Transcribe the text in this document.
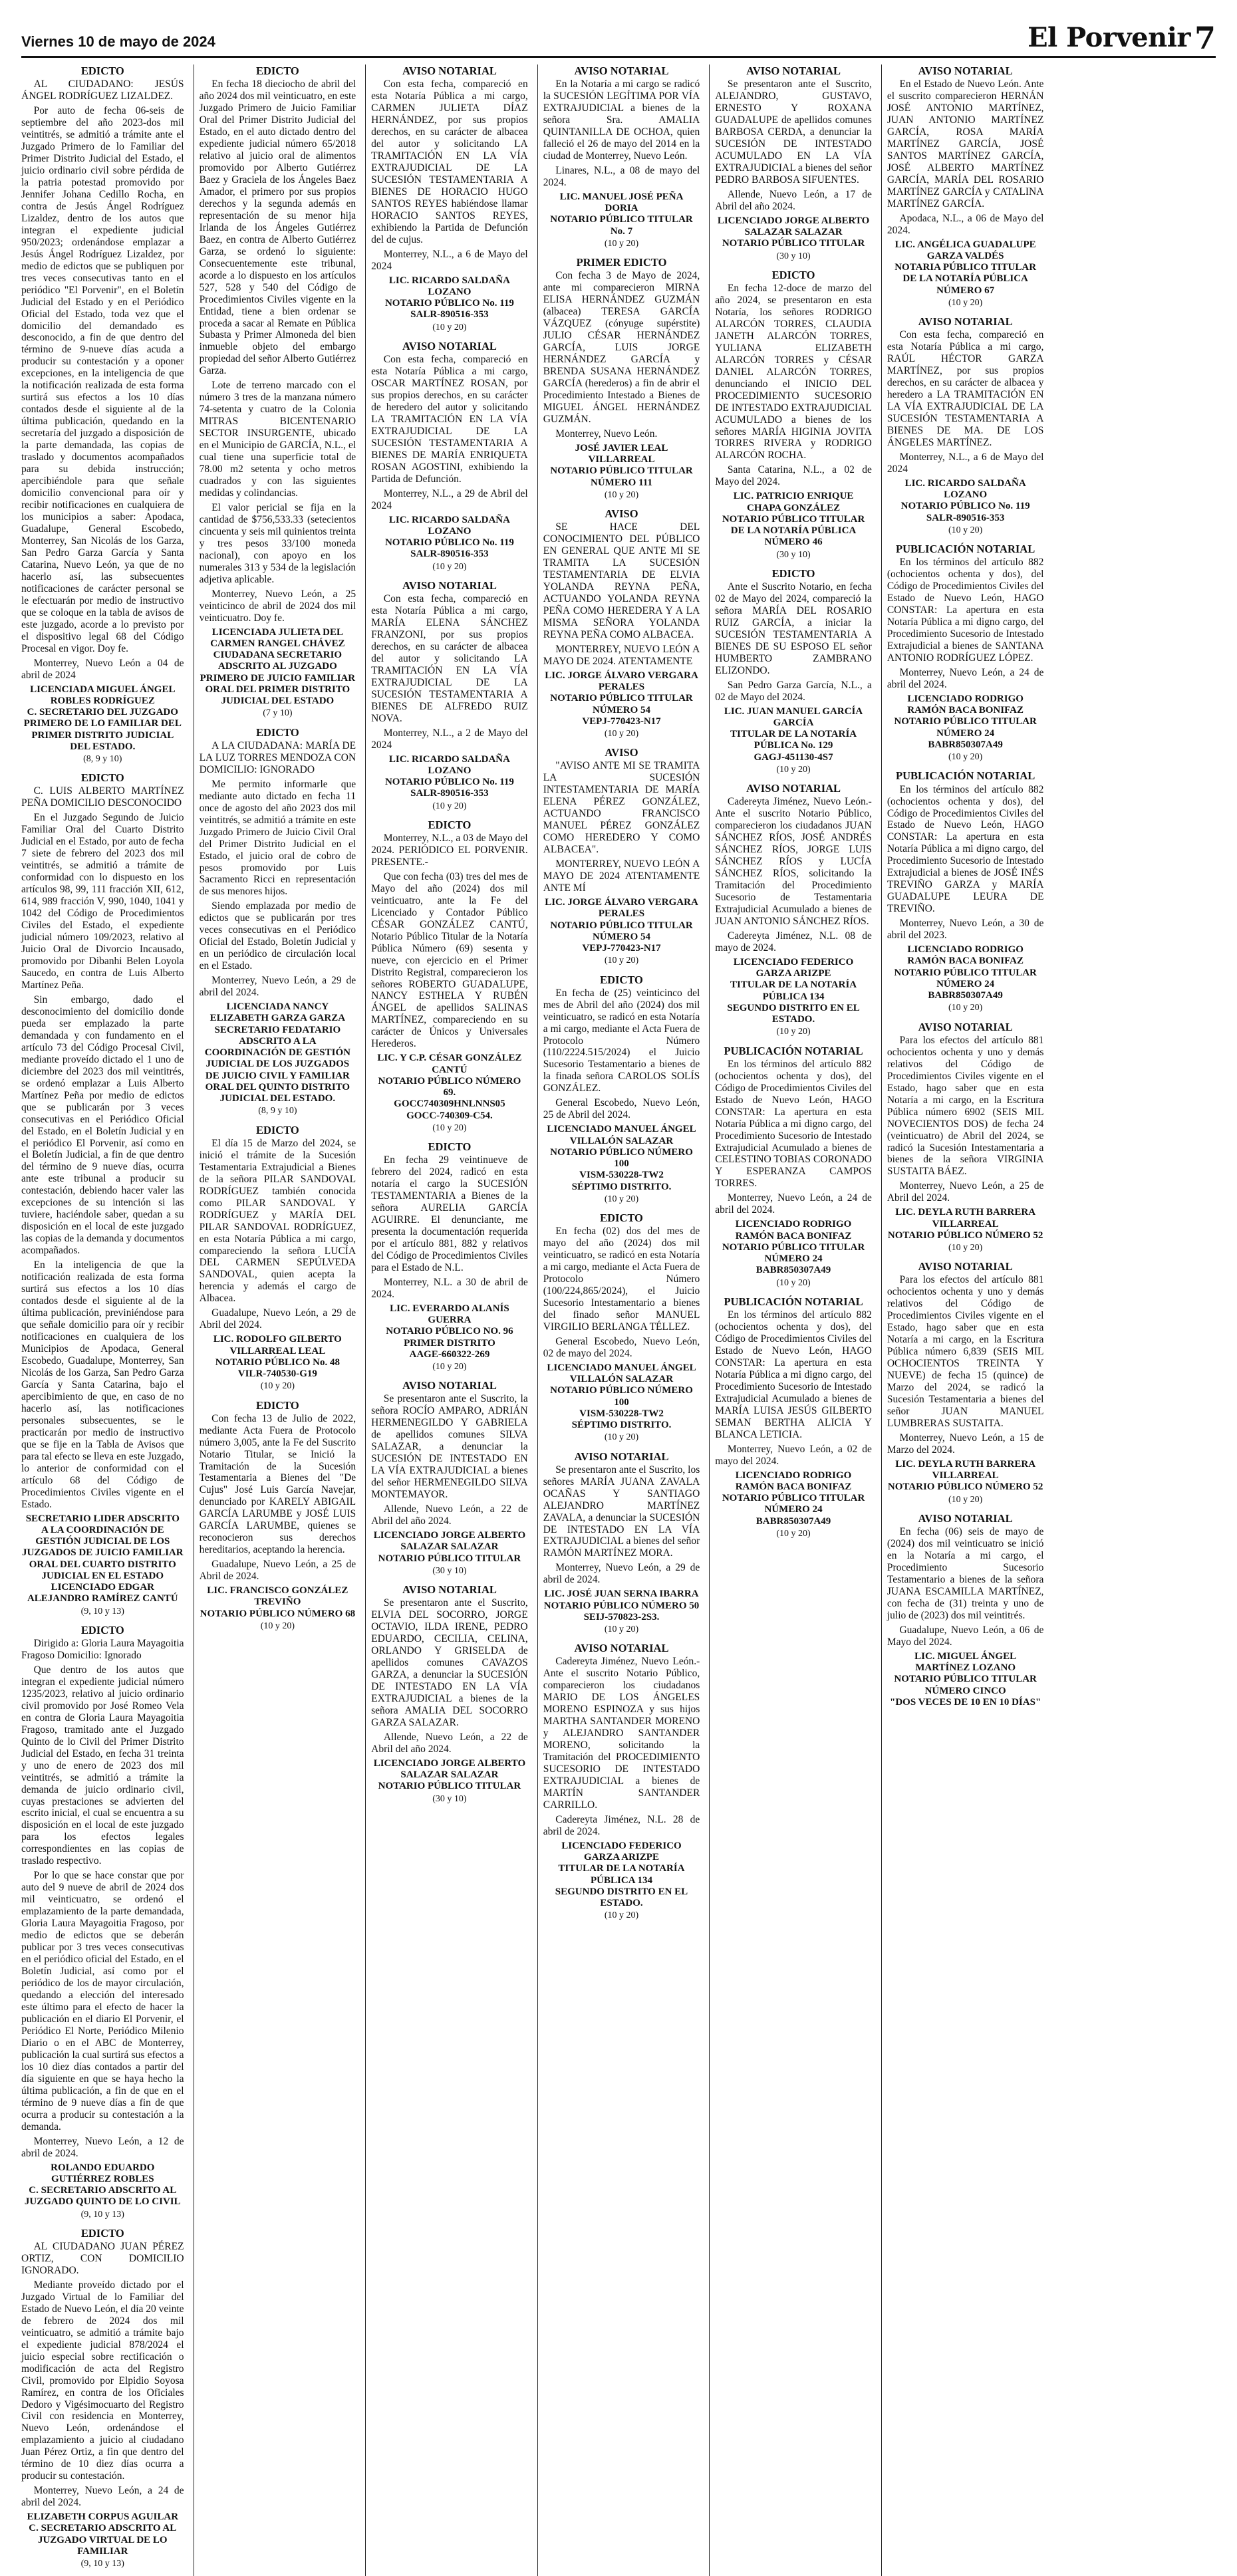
Viernes 10 de mayo de 2024	El Porvenir 7
EDICTO

AL CIUDADANO: JESÚS ÁNGEL RODRÍGUEZ LIZALDEZ.

Por auto de fecha 06-seis de septiembre del año 2023-dos mil veintitrés, se admitió a trámite ante el Juzgado Primero de lo Familiar del Primer Distrito Judicial del Estado, el juicio ordinario civil sobre pérdida de la patria potestad promovido por Jennifer Johana Cedillo Rocha, en contra de Jesús Ángel Rodríguez Lizaldez, dentro de los autos que integran el expediente judicial 950/2023; ordenándose emplazar a Jesús Ángel Rodríguez Lizaldez, por medio de edictos que se publiquen por tres veces consecutivas tanto en el periódico "El Porvenir", en el Boletín Judicial del Estado y en el Periódico Oficial del Estado, toda vez que el domicilio del demandado es desconocido, a fin de que dentro del término de 9-nueve días acuda a producir su contestación y a oponer excepciones, en la inteligencia de que la notificación realizada de esta forma surtirá sus efectos a los 10 días contados desde el siguiente al de la última publicación, quedando en la secretaría del juzgado a disposición de la parte demandada, las copias de traslado y documentos acompañados para su debida instrucción; apercibiéndole para que señale domicilio convencional para oír y recibir notificaciones en cualquiera de los municipios a saber: Apodaca, Guadalupe, General Escobedo, Monterrey, San Nicolás de los Garza, San Pedro Garza García y Santa Catarina, Nuevo León, ya que de no hacerlo así, las subsecuentes notificaciones de carácter personal se le efectuarán por medio de instructivo que se coloque en la tabla de avisos de este juzgado, acorde a lo previsto por el dispositivo legal 68 del Código Procesal en vigor. Doy fe.

Monterrey, Nuevo León a 04 de abril de 2024

LICENCIADA MIGUEL ÁNGEL ROBLES RODRÍGUEZ
C. SECRETARIO DEL JUZGADO PRIMERO DE LO FAMILIAR DEL PRIMER DISTRITO JUDICIAL DEL ESTADO.
(8, 9 y 10)
EDICTO

C. LUIS ALBERTO MARTÍNEZ PEÑA DOMICILIO DESCONOCIDO

En el Juzgado Segundo de Juicio Familiar Oral del Cuarto Distrito Judicial en el Estado, por auto de fecha 7 siete de febrero del 2023 dos mil veintitrés, se admitió a trámite de conformidad con lo dispuesto en los artículos 98, 99, 111 fracción XII, 612, 614, 989 fracción V, 990, 1040, 1041 y 1042 del Código de Procedimientos Civiles del Estado, el expediente judicial número 109/2023, relativo al Juicio Oral de Divorcio Incausado, promovido por Dibanhi Belen Loyola Saucedo, en contra de Luis Alberto Martínez Peña.

Sin embargo, dado el desconocimiento del domicilio donde pueda ser emplazado la parte demandada y con fundamento en el artículo 73 del Código Procesal Civil, mediante proveído dictado el 1 uno de diciembre del 2023 dos mil veintitrés, se ordenó emplazar a Luis Alberto Martínez Peña por medio de edictos que se publicarán por 3 veces consecutivas en el Periódico Oficial del Estado, en el Boletín Judicial y en el periódico El Porvenir, así como en el Boletín Judicial, a fin de que dentro del término de 9 nueve días, ocurra ante este tribunal a producir su contestación, debiendo hacer valer las excepciones de su intención si las tuviere, haciéndole saber, quedan a su disposición en el local de este juzgado las copias de la demanda y documentos acompañados.

En la inteligencia de que la notificación realizada de esta forma surtirá sus efectos a los 10 días contados desde el siguiente al de la última publicación, previniéndose para que señale domicilio para oír y recibir notificaciones en cualquiera de los Municipios de Apodaca, General Escobedo, Guadalupe, Monterrey, San Nicolás de los Garza, San Pedro Garza García y Santa Catarina, bajo el apercibimiento de que, en caso de no hacerlo así, las notificaciones personales subsecuentes, se le practicarán por medio de instructivo que se fije en la Tabla de Avisos que para tal efecto se lleva en este Juzgado, lo anterior de conformidad con el artículo 68 del Código de Procedimientos Civiles vigente en el Estado.

SECRETARIO LIDER ADSCRITO A LA COORDINACIÓN DE GESTIÓN JUDICIAL DE LOS JUZGADOS DE JUICIO FAMILIAR ORAL DEL CUARTO DISTRITO JUDICIAL EN EL ESTADO
LICENCIADO EDGAR ALEJANDRO RAMÍREZ CANTÚ
(9, 10 y 13)
EDICTO

Dirigido a: Gloria Laura Mayagoitia Fragoso Domicilio: Ignorado

Que dentro de los autos que integran el expediente judicial número 1235/2023, relativo al juicio ordinario civil promovido por José Romeo Vela en contra de Gloria Laura Mayagoitia Fragoso, tramitado ante el Juzgado Quinto de lo Civil del Primer Distrito Judicial del Estado, en fecha 31 treinta y uno de enero de 2023 dos mil veintitrés, se admitió a trámite la demanda de juicio ordinario civil, cuyas prestaciones se advierten del escrito inicial, el cual se encuentra a su disposición en el local de este juzgado para los efectos legales correspondientes en las copias de traslado respectivo.

Por lo que se hace constar que por auto del 9 nueve de abril de 2024 dos mil veinticuatro, se ordenó el emplazamiento de la parte demandada, Gloria Laura Mayagoitia Fragoso, por medio de edictos que se deberán publicar por 3 tres veces consecutivas en el periódico oficial del Estado, en el Boletín Judicial, así como por el periódico de los de mayor circulación, quedando a elección del interesado este último para el efecto de hacer la publicación en el diario El Porvenir, el Periódico El Norte, Periódico Milenio Diario o en el ABC de Monterrey, publicación la cual surtirá sus efectos a los 10 diez días contados a partir del día siguiente en que se haya hecho la última publicación, a fin de que en el término de 9 nueve días a fin de que ocurra a producir su contestación a la demanda.

Monterrey, Nuevo León, a 12 de abril de 2024.

ROLANDO EDUARDO GUTIÉRREZ ROBLES
C. SECRETARIO ADSCRITO AL JUZGADO QUINTO DE LO CIVIL
(9, 10 y 13)
EDICTO

AL CIUDADANO JUAN PÉREZ ORTIZ, CON DOMICILIO IGNORADO.

Mediante proveído dictado por el Juzgado Virtual de lo Familiar del Estado de Nuevo León, el día 20 veinte de febrero de 2024 dos mil veinticuatro, se admitió a trámite bajo el expediente judicial 878/2024 el juicio especial sobre rectificación o modificación de acta del Registro Civil, promovido por Elpidio Soyosa Ramírez, en contra de los Oficiales Dedoro y Vigésimocuarto del Registro Civil con residencia en Monterrey, Nuevo León, ordenándose el emplazamiento a juicio al ciudadano Juan Pérez Ortiz, a fin que dentro del término de 10 diez días ocurra a producir su contestación.

Monterrey, Nuevo León, a 24 de abril del 2024.

ELIZABETH CORPUS AGUILAR
C. SECRETARIO ADSCRITO AL JUZGADO VIRTUAL DE LO FAMILIAR
(9, 10 y 13)
EDICTO

En fecha 18 dieciocho de abril del año 2024 dos mil veinticuatro, en este Juzgado Primero de Juicio Familiar Oral del Primer Distrito Judicial del Estado, en el auto dictado dentro del expediente judicial número 65/2018 relativo al juicio oral de alimentos promovido por Alberto Gutiérrez Baez y Graciela de los Ángeles Baez Amador, el primero por sus propios derechos y la segunda además en representación de su menor hija Irlanda de los Ángeles Gutiérrez Baez, en contra de Alberto Gutiérrez Garza, se ordenó lo siguiente: Consecuentemente este tribunal, acorde a lo dispuesto en los artículos 527, 528 y 540 del Código de Procedimientos Civiles vigente en la Entidad, tiene a bien ordenar se proceda a sacar al Remate en Pública Subasta y Primer Almoneda del bien inmueble objeto del embargo propiedad del señor Alberto Gutiérrez Garza.

Lote de terreno marcado con el número 3 tres de la manzana número 74-setenta y cuatro de la Colonia MITRAS BICENTENARIO SECTOR INSURGENTE, ubicado en el Municipio de GARCÍA, N.L., el cual tiene una superficie total de 78.00 m2 setenta y ocho metros cuadrados y con las siguientes medidas y colindancias.

El valor pericial se fija en la cantidad de $756,533.33 (setecientos cincuenta y seis mil quinientos treinta y tres pesos 33/100 moneda nacional), con apoyo en los numerales 313 y 534 de la legislación adjetiva aplicable.

Monterrey, Nuevo León, a 25 veinticinco de abril de 2024 dos mil veinticuatro. Doy fe.

LICENCIADA JULIETA DEL CARMEN RANGEL CHÁVEZ
CIUDADANA SECRETARIO ADSCRITO AL JUZGADO PRIMERO DE JUICIO FAMILIAR ORAL DEL PRIMER DISTRITO JUDICIAL DEL ESTADO
(7 y 10)
EDICTO

A LA CIUDADANA: MARÍA DE LA LUZ TORRES MENDOZA CON DOMICILIO: IGNORADO

Me permito informarle que mediante auto dictado en fecha 11 once de agosto del año 2023 dos mil veintitrés, se admitió a trámite en este Juzgado Primero de Juicio Civil Oral del Primer Distrito Judicial en el Estado, el juicio oral de cobro de pesos promovido por Luis Sacramento Ricci en representación de sus menores hijos.

Siendo emplazada por medio de edictos que se publicarán por tres veces consecutivas en el Periódico Oficial del Estado, Boletín Judicial y en un periódico de circulación local en el Estado.

Monterrey, Nuevo León, a 29 de abril del 2024.

LICENCIADA NANCY ELIZABETH GARZA GARZA
SECRETARIO FEDATARIO ADSCRITO A LA COORDINACIÓN DE GESTIÓN JUDICIAL DE LOS JUZGADOS DE JUICIO CIVIL Y FAMILIAR ORAL DEL QUINTO DISTRITO JUDICIAL DEL ESTADO.
(8, 9 y 10)
EDICTO

El día 15 de Marzo del 2024, se inició el trámite de la Sucesión Testamentaria Extrajudicial a Bienes de la señora PILAR SANDOVAL RODRÍGUEZ también conocida como PILAR SANDOVAL Y RODRÍGUEZ y MARÍA DEL PILAR SANDOVAL RODRÍGUEZ, en esta Notaría Pública a mi cargo, compareciendo la señora LUCÍA DEL CARMEN SEPÚLVEDA SANDOVAL, quien acepta la herencia y además el cargo de Albacea.

Guadalupe, Nuevo León, a 29 de Abril del 2024.

LIC. RODOLFO GILBERTO VILLARREAL LEAL
NOTARIO PÚBLICO No. 48
VILR-740530-G19
(10 y 20)
EDICTO

Con fecha 13 de Julio de 2022, mediante Acta Fuera de Protocolo número 3,005, ante la Fe del Suscrito Notario Titular, se Inició la Tramitación de la Sucesión Testamentaria a Bienes del "De Cujus" José Luis García Navejar, denunciado por KARELY ABIGAIL GARCÍA LARUMBE y JOSÉ LUIS GARCÍA LARUMBE, quienes se reconocieron sus derechos hereditarios, aceptando la herencia.

Guadalupe, Nuevo León, a 25 de Abril de 2024.

LIC. FRANCISCO GONZÁLEZ TREVIÑO
NOTARIO PÚBLICO NÚMERO 68
(10 y 20)
AVISO NOTARIAL

Con esta fecha, compareció en esta Notaría Pública a mi cargo, CARMEN JULIETA DÍAZ HERNÁNDEZ, por sus propios derechos, en su carácter de albacea del autor y solicitando LA TRAMITACIÓN EN LA VÍA EXTRAJUDICIAL DE LA SUCESIÓN TESTAMENTARIA A BIENES DE HORACIO HUGO SANTOS REYES habiéndose llamar HORACIO SANTOS REYES, exhibiendo la Partida de Defunción del de cujus.

Monterrey, N.L., a 6 de Mayo del 2024

LIC. RICARDO SALDAÑA LOZANO
NOTARIO PÚBLICO No. 119
SALR-890516-353
(10 y 20)
AVISO NOTARIAL

Con esta fecha, compareció en esta Notaría Pública a mi cargo, OSCAR MARTÍNEZ ROSAN, por sus propios derechos, en su carácter de heredero del autor y solicitando LA TRAMITACIÓN EN LA VÍA EXTRAJUDICIAL DE LA SUCESIÓN TESTAMENTARIA A BIENES DE MARÍA ENRIQUETA ROSAN AGOSTINI, exhibiendo la Partida de Defunción.

Monterrey, N.L., a 29 de Abril del 2024

LIC. RICARDO SALDAÑA LOZANO
NOTARIO PÚBLICO No. 119
SALR-890516-353
(10 y 20)
AVISO NOTARIAL

Con esta fecha, compareció en esta Notaría Pública a mi cargo, MARÍA ELENA SÁNCHEZ FRANZONI, por sus propios derechos, en su carácter de albacea del autor y solicitando LA TRAMITACIÓN EN LA VÍA EXTRAJUDICIAL DE LA SUCESIÓN TESTAMENTARIA A BIENES DE ALFREDO RUIZ NOVA.

Monterrey, N.L., a 2 de Mayo del 2024

LIC. RICARDO SALDAÑA LOZANO
NOTARIO PÚBLICO No. 119
SALR-890516-353
(10 y 20)
EDICTO

Monterrey, N.L., a 03 de Mayo del 2024. PERIÓDICO EL PORVENIR. PRESENTE.-

Que con fecha (03) tres del mes de Mayo del año (2024) dos mil veinticuatro, ante la Fe del Licenciado y Contador Público CÉSAR GONZÁLEZ CANTÚ, Notario Público Titular de la Notaría Pública Número (69) sesenta y nueve, con ejercicio en el Primer Distrito Registral, comparecieron los señores ROBERTO GUADALUPE, NANCY ESTHELA Y RUBÉN ÁNGEL de apellidos SALINAS MARTÍNEZ, compareciendo en su carácter de Únicos y Universales Herederos.

LIC. Y C.P. CÉSAR GONZÁLEZ CANTÚ
NOTARIO PÚBLICO NÚMERO 69.
GOCC740309HNLNNS05
GOCC-740309-C54.
(10 y 20)
EDICTO

En fecha 29 veintinueve de febrero del 2024, radicó en esta notaría el cargo la SUCESIÓN TESTAMENTARIA a Bienes de la señora AURELIA GARCÍA AGUIRRE. El denunciante, me presenta la documentación requerida por el artículo 881, 882 y relativos del Código de Procedimientos Civiles para el Estado de N.L.

Monterrey, N.L. a 30 de abril de 2024.

LIC. EVERARDO ALANÍS GUERRA
NOTARIO PÚBLICO NO. 96
PRIMER DISTRITO
AAGE-660322-269
(10 y 20)
AVISO NOTARIAL

Se presentaron ante el Suscrito, la señora ROCÍO AMPARO, ADRIÁN HERMENEGILDO Y GABRIELA de apellidos comunes SILVA SALAZAR, a denunciar la SUCESIÓN DE INTESTADO EN LA VÍA EXTRAJUDICIAL a bienes del señor HERMENEGILDO SILVA MONTEMAYOR.

Allende, Nuevo León, a 22 de Abril del año 2024.

LICENCIADO JORGE ALBERTO SALAZAR SALAZAR
NOTARIO PÚBLICO TITULAR
(30 y 10)
AVISO NOTARIAL

Se presentaron ante el Suscrito, ELVIA DEL SOCORRO, JORGE OCTAVIO, ILDA IRENE, PEDRO EDUARDO, CECILIA, CELINA, ORLANDO Y GRISELDA de apellidos comunes CAVAZOS GARZA, a denunciar la SUCESIÓN DE INTESTADO EN LA VÍA EXTRAJUDICIAL a bienes de la señora AMALIA DEL SOCORRO GARZA SALAZAR.

Allende, Nuevo León, a 22 de Abril del año 2024.

LICENCIADO JORGE ALBERTO SALAZAR SALAZAR
NOTARIO PÚBLICO TITULAR
(30 y 10)
AVISO NOTARIAL

En la Notaría a mi cargo se radicó la SUCESIÓN LEGÍTIMA POR VÍA EXTRAJUDICIAL a bienes de la señora Sra. AMALIA QUINTANILLA DE OCHOA, quien falleció el 26 de mayo del 2014 en la ciudad de Monterrey, Nuevo León.

Linares, N.L., a 08 de mayo del 2024.

LIC. MANUEL JOSÉ PEÑA DORIA
NOTARIO PÚBLICO TITULAR No. 7
(10 y 20)
PRIMER EDICTO

Con fecha 3 de Mayo de 2024, ante mi comparecieron MIRNA ELISA HERNÁNDEZ GUZMÁN (albacea) TERESA GARCÍA VÁZQUEZ (cónyuge supérstite) JULIO CÉSAR HERNÁNDEZ GARCÍA, LUIS JORGE HERNÁNDEZ GARCÍA y BRENDA SUSANA HERNÁNDEZ GARCÍA (herederos) a fin de abrir el Procedimiento Intestado a Bienes de MIGUEL ÁNGEL HERNÁNDEZ GUZMÁN.

Monterrey, Nuevo León.

JOSÉ JAVIER LEAL VILLARREAL
NOTARIO PÚBLICO TITULAR
NÚMERO 111
(10 y 20)
AVISO

SE HACE DEL CONOCIMIENTO DEL PÚBLICO EN GENERAL QUE ANTE MI SE TRAMITA LA SUCESIÓN TESTAMENTARIA DE ELVIA YOLANDA REYNA PEÑA, ACTUANDO YOLANDA REYNA PEÑA COMO HEREDERA Y A LA MISMA SEÑORA YOLANDA REYNA PEÑA COMO ALBACEA.

MONTERREY, NUEVO LEÓN A MAYO DE 2024. ATENTAMENTE

LIC. JORGE ÁLVARO VERGARA PERALES
NOTARIO PÚBLICO TITULAR NÚMERO 54
VEPJ-770423-N17
(10 y 20)
AVISO

"AVISO ANTE MI SE TRAMITA LA SUCESIÓN INTESTAMENTARIA DE MARÍA ELENA PÉREZ GONZÁLEZ, ACTUANDO FRANCISCO MANUEL PÉREZ GONZÁLEZ COMO HEREDERO Y COMO ALBACEA".

MONTERREY, NUEVO LEÓN A MAYO DE 2024 ATENTAMENTE ANTE MÍ

LIC. JORGE ÁLVARO VERGARA PERALES
NOTARIO PÚBLICO TITULAR NÚMERO 54
VEPJ-770423-N17
(10 y 20)
EDICTO

En fecha de (25) veinticinco del mes de Abril del año (2024) dos mil veinticuatro, se radicó en esta Notaría a mi cargo, mediante el Acta Fuera de Protocolo Número (110/2224.515/2024) el Juicio Sucesorio Testamentario a bienes de la finada señora CAROLOS SOLÍS GONZÁLEZ.

General Escobedo, Nuevo León, 25 de Abril del 2024.

LICENCIADO MANUEL ÁNGEL VILLALÓN SALAZAR
NOTARIO PÚBLICO NÚMERO 100
VISM-530228-TW2
SÉPTIMO DISTRITO.
(10 y 20)
EDICTO

En fecha (02) dos del mes de mayo del año (2024) dos mil veinticuatro, se radicó en esta Notaría a mi cargo, mediante el Acta Fuera de Protocolo Número (100/224,865/2024), el Juicio Sucesorio Intestamentario a bienes del finado señor MANUEL VIRGILIO BERLANGA TÉLLEZ.

General Escobedo, Nuevo León, 02 de mayo del 2024.

LICENCIADO MANUEL ÁNGEL VILLALÓN SALAZAR
NOTARIO PÚBLICO NÚMERO 100
VISM-530228-TW2
SÉPTIMO DISTRITO.
(10 y 20)
AVISO NOTARIAL

Se presentaron ante el Suscrito, los señores MARÍA JUANA ZAVALA OCAÑAS Y SANTIAGO ALEJANDRO MARTÍNEZ ZAVALA, a denunciar la SUCESIÓN DE INTESTADO EN LA VÍA EXTRAJUDICIAL a bienes del señor RAMÓN MARTÍNEZ MORA.

Monterrey, Nuevo León, a 29 de abril de 2024.

LIC. JOSÉ JUAN SERNA IBARRA
NOTARIO PÚBLICO NÚMERO 50
SEIJ-570823-2S3.
(10 y 20)
AVISO NOTARIAL

Cadereyta Jiménez, Nuevo León.- Ante el suscrito Notario Público, comparecieron los ciudadanos MARIO DE LOS ÁNGELES MORENO ESPINOZA y sus hijos MARTHA SANTANDER MORENO y ALEJANDRO SANTANDER MORENO, solicitando la Tramitación del PROCEDIMIENTO SUCESORIO DE INTESTADO EXTRAJUDICIAL a bienes de MARTÍN SANTANDER CARRILLO.

Cadereyta Jiménez, N.L. 28 de abril de 2024.

LICENCIADO FEDERICO GARZA ARIZPE
TITULAR DE LA NOTARÍA PÚBLICA 134
SEGUNDO DISTRITO EN EL ESTADO.
(10 y 20)
AVISO NOTARIAL

Se presentaron ante el Suscrito, ALEJANDRO, GUSTAVO, ERNESTO Y ROXANA GUADALUPE de apellidos comunes BARBOSA CERDA, a denunciar la SUCESIÓN DE INTESTADO ACUMULADO EN LA VÍA EXTRAJUDICIAL a bienes del señor PEDRO BARBOSA SIFUENTES.

Allende, Nuevo León, a 17 de Abril del año 2024.

LICENCIADO JORGE ALBERTO SALAZAR SALAZAR
NOTARIO PÚBLICO TITULAR
(30 y 10)
EDICTO

En fecha 12-doce de marzo del año 2024, se presentaron en esta Notaría, los señores RODRIGO ALARCÓN TORRES, CLAUDIA JANETH ALARCÓN TORRES, YULIANA ELIZABETH ALARCÓN TORRES y CÉSAR DANIEL ALARCÓN TORRES, denunciando el INICIO DEL PROCEDIMIENTO SUCESORIO DE INTESTADO EXTRAJUDICIAL ACUMULADO a bienes de los señores MARÍA HIGINIA JOVITA TORRES RIVERA y RODRIGO ALARCÓN ROCHA.

Santa Catarina, N.L., a 02 de Mayo del 2024.

LIC. PATRICIO ENRIQUE CHAPA GONZÁLEZ
NOTARIO PÚBLICO TITULAR
DE LA NOTARÍA PÚBLICA NÚMERO 46
(30 y 10)
EDICTO

Ante el Suscrito Notario, en fecha 02 de Mayo del 2024, compareció la señora MARÍA DEL ROSARIO RUIZ GARCÍA, a iniciar la SUCESIÓN TESTAMENTARIA A BIENES DE SU ESPOSO EL señor HUMBERTO ZAMBRANO ELIZONDO.

San Pedro Garza García, N.L., a 02 de Mayo del 2024.

LIC. JUAN MANUEL GARCÍA GARCÍA
TITULAR DE LA NOTARÍA PÚBLICA No. 129
GAGJ-451130-4S7
(10 y 20)
AVISO NOTARIAL

Cadereyta Jiménez, Nuevo León.- Ante el suscrito Notario Público, comparecieron los ciudadanos JUAN SÁNCHEZ RÍOS, JOSÉ ANDRÉS SÁNCHEZ RÍOS, JORGE LUIS SÁNCHEZ RÍOS y LUCÍA SÁNCHEZ RÍOS, solicitando la Tramitación del Procedimiento Sucesorio de Testamentaria Extrajudicial Acumulado a bienes de JUAN ANTONIO SÁNCHEZ RÍOS.

Cadereyta Jiménez, N.L. 08 de mayo de 2024.

LICENCIADO FEDERICO GARZA ARIZPE
TITULAR DE LA NOTARÍA PÚBLICA 134
SEGUNDO DISTRITO EN EL ESTADO.
(10 y 20)
PUBLICACIÓN NOTARIAL

En los términos del artículo 882 (ochocientos ochenta y dos), del Código de Procedimientos Civiles del Estado de Nuevo León, HAGO CONSTAR: La apertura en esta Notaría Pública a mi digno cargo, del Procedimiento Sucesorio de Intestado Extrajudicial Acumulado a bienes de CELESTINO TOBIAS CORONADO Y ESPERANZA CAMPOS TORRES.

Monterrey, Nuevo León, a 24 de abril del 2024.

LICENCIADO RODRIGO RAMÓN BACA BONIFAZ
NOTARIO PÚBLICO TITULAR NÚMERO 24
BABR850307A49
(10 y 20)
PUBLICACIÓN NOTARIAL

En los términos del artículo 882 (ochocientos ochenta y dos), del Código de Procedimientos Civiles del Estado de Nuevo León, HAGO CONSTAR: La apertura en esta Notaría Pública a mi digno cargo, del Procedimiento Sucesorio de Intestado Extrajudicial Acumulado a bienes de MARÍA LUISA JESÚS GILBERTO SEMAN BERTHA ALICIA Y BLANCA LETICIA.

Monterrey, Nuevo León, a 02 de mayo del 2024.

LICENCIADO RODRIGO RAMÓN BACA BONIFAZ
NOTARIO PÚBLICO TITULAR NÚMERO 24
BABR850307A49
(10 y 20)
AVISO NOTARIAL

En el Estado de Nuevo León. Ante el suscrito comparecieron HERNÁN JOSÉ ANTONIO MARTÍNEZ, JUAN ANTONIO MARTÍNEZ GARCÍA, ROSA MARÍA MARTÍNEZ GARCÍA, JOSÉ SANTOS MARTÍNEZ GARCÍA, JOSÉ ALBERTO MARTÍNEZ GARCÍA, MARÍA DEL ROSARIO MARTÍNEZ GARCÍA y CATALINA MARTÍNEZ GARCÍA.

Apodaca, N.L., a 06 de Mayo del 2024.

LIC. ANGÉLICA GUADALUPE GARZA VALDÉS
NOTARIA PÚBLICO TITULAR DE LA NOTARÍA PÚBLICA NÚMERO 67
(10 y 20)
AVISO NOTARIAL

Con esta fecha, compareció en esta Notaría Pública a mi cargo, RAÚL HÉCTOR GARZA MARTÍNEZ, por sus propios derechos, en su carácter de albacea y heredero a LA TRAMITACIÓN EN LA VÍA EXTRAJUDICIAL DE LA SUCESIÓN TESTAMENTARIA A BIENES DE MA. DE LOS ÁNGELES MARTÍNEZ.

Monterrey, N.L., a 6 de Mayo del 2024

LIC. RICARDO SALDAÑA LOZANO
NOTARIO PÚBLICO No. 119
SALR-890516-353
(10 y 20)
PUBLICACIÓN NOTARIAL

En los términos del artículo 882 (ochocientos ochenta y dos), del Código de Procedimientos Civiles del Estado de Nuevo León, HAGO CONSTAR: La apertura en esta Notaría Pública a mi digno cargo, del Procedimiento Sucesorio de Intestado Extrajudicial a bienes de SANTANA ANTONIO RODRÍGUEZ LÓPEZ.

Monterrey, Nuevo León, a 24 de abril del 2024.

LICENCIADO RODRIGO RAMÓN BACA BONIFAZ
NOTARIO PÚBLICO TITULAR NÚMERO 24
BABR850307A49
(10 y 20)
PUBLICACIÓN NOTARIAL

En los términos del artículo 882 (ochocientos ochenta y dos), del Código de Procedimientos Civiles del Estado de Nuevo León, HAGO CONSTAR: La apertura en esta Notaría Pública a mi digno cargo, del Procedimiento Sucesorio de Intestado Extrajudicial a bienes de JOSÉ INÉS TREVIÑO GARZA y MARÍA GUADALUPE LEURA DE TREVIÑO.

Monterrey, Nuevo León, a 30 de abril del 2023.

LICENCIADO RODRIGO RAMÓN BACA BONIFAZ
NOTARIO PÚBLICO TITULAR NÚMERO 24
BABR850307A49
(10 y 20)
AVISO NOTARIAL

Para los efectos del artículo 881 ochocientos ochenta y uno y demás relativos del Código de Procedimientos Civiles vigente en el Estado, hago saber que en esta Notaría a mi cargo, en la Escritura Pública número 6902 (SEIS MIL NOVECIENTOS DOS) de fecha 24 (veinticuatro) de Abril del 2024, se radicó la Sucesión Intestamentaria a bienes de la señora VIRGINIA SUSTAITA BÁEZ.

Monterrey, Nuevo León, a 25 de Abril del 2024.

LIC. DEYLA RUTH BARRERA VILLARREAL
NOTARIO PÚBLICO NÚMERO 52
(10 y 20)
AVISO NOTARIAL

Para los efectos del artículo 881 ochocientos ochenta y uno y demás relativos del Código de Procedimientos Civiles vigente en el Estado, hago saber que en esta Notaría a mi cargo, en la Escritura Pública número 6,839 (SEIS MIL OCHOCIENTOS TREINTA Y NUEVE) de fecha 15 (quince) de Marzo del 2024, se radicó la Sucesión Testamentaria a bienes del señor JUAN MANUEL LUMBRERAS SUSTAITA.

Monterrey, Nuevo León, a 15 de Marzo del 2024.

LIC. DEYLA RUTH BARRERA VILLARREAL
NOTARIO PÚBLICO NÚMERO 52
(10 y 20)
AVISO NOTARIAL

En fecha (06) seis de mayo de (2024) dos mil veinticuatro se inició en la Notaría a mi cargo, el Procedimiento Sucesorio Testamentario a bienes de la señora JUANA ESCAMILLA MARTÍNEZ, con fecha de (31) treinta y uno de julio de (2023) dos mil veintitrés.

Guadalupe, Nuevo León, a 06 de Mayo del 2024.

LIC. MIGUEL ÁNGEL MARTÍNEZ LOZANO
NOTARIO PÚBLICO TITULAR
NÚMERO CINCO
"DOS VECES DE 10 EN 10 DÍAS"
